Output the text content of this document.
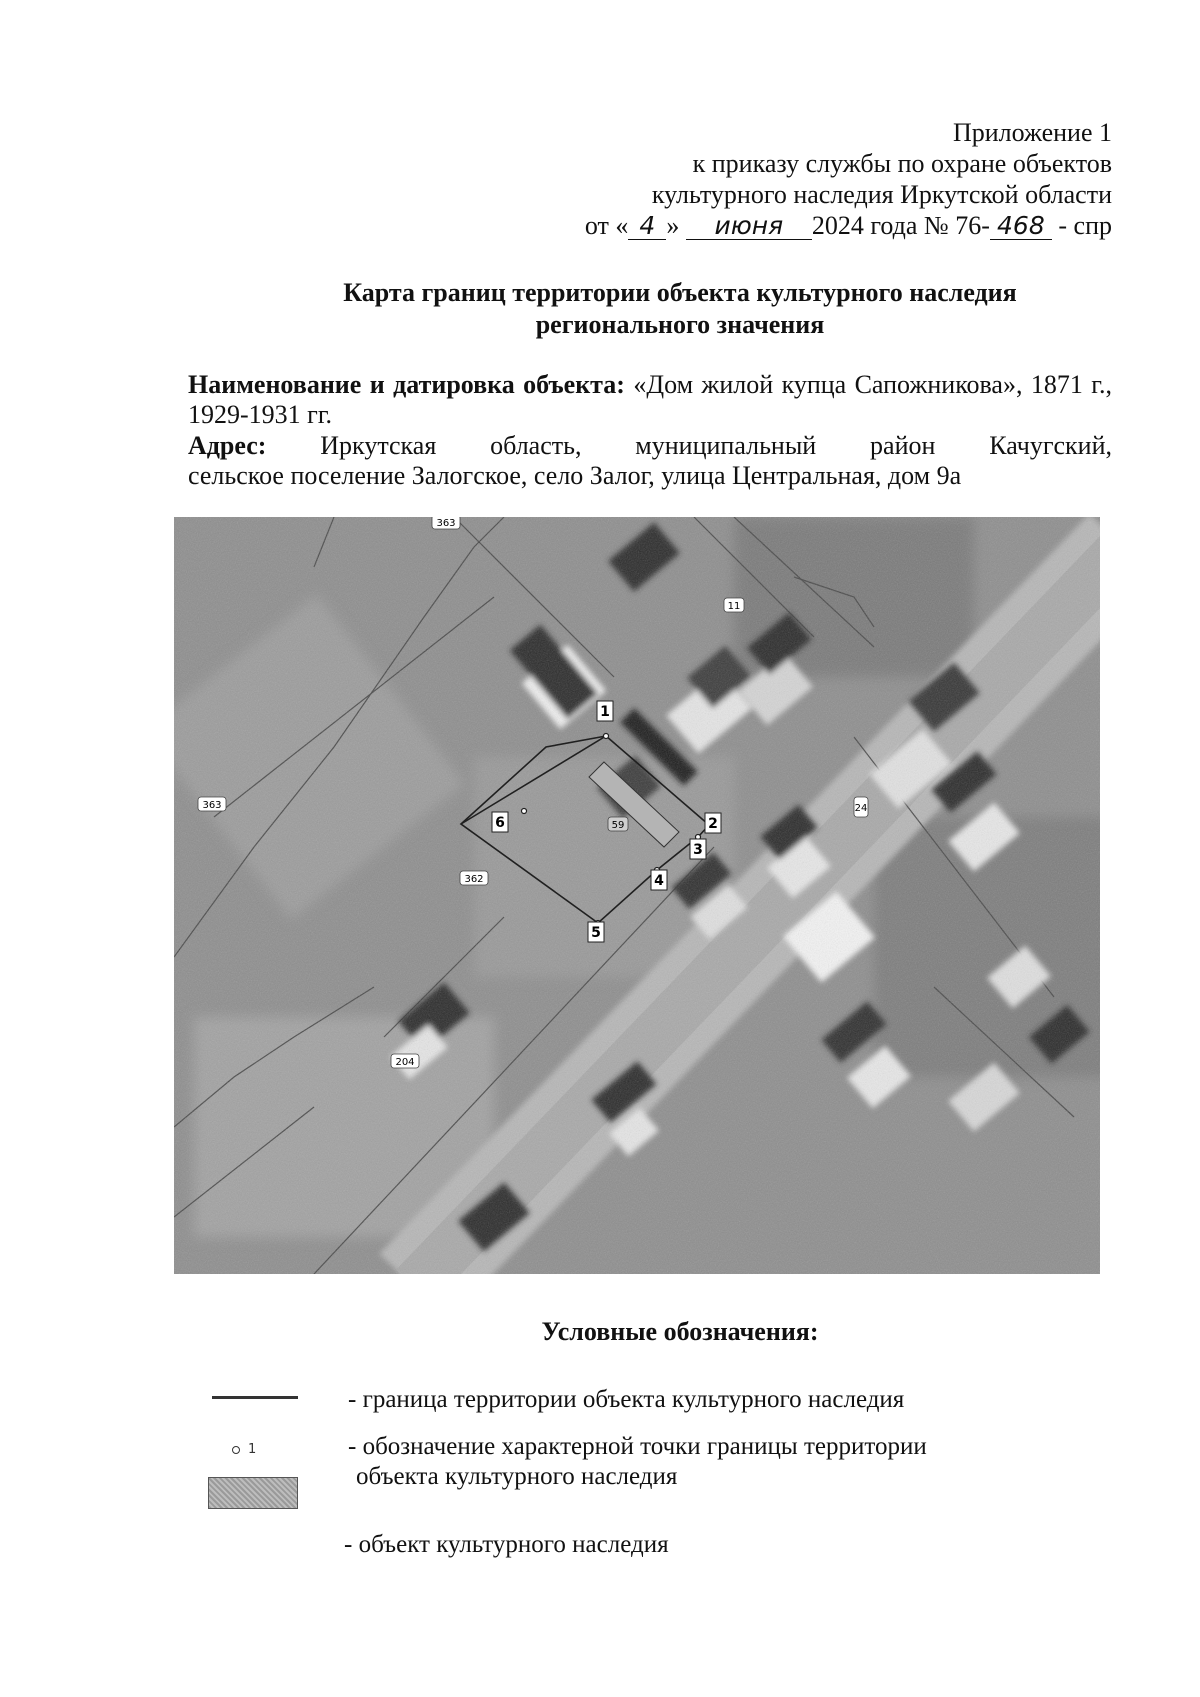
Приложение 1
к приказу службы по охране объектов
культурного наследия Иркутской области
от « 4 » июня 2024 года № 76- 468 - спр
Карта границ территории объекта культурного наследия
регионального значения
Наименование и датировка объекта: «Дом жилой купца Сапожникова», 1871 г., 1929-1931 гг.
Адрес: Иркутская область, муниципальный район Качугский,
сельское поселение Залогское, село Залог, улица Центральная, дом 9а
1
2
3
4
5
6
363
363
362
204
11
24
59
Условные обозначения:
- граница территории объекта культурного наследия
1	- обозначение характерной точки границы территории
объекта культурного наследия
- объект культурного наследия
